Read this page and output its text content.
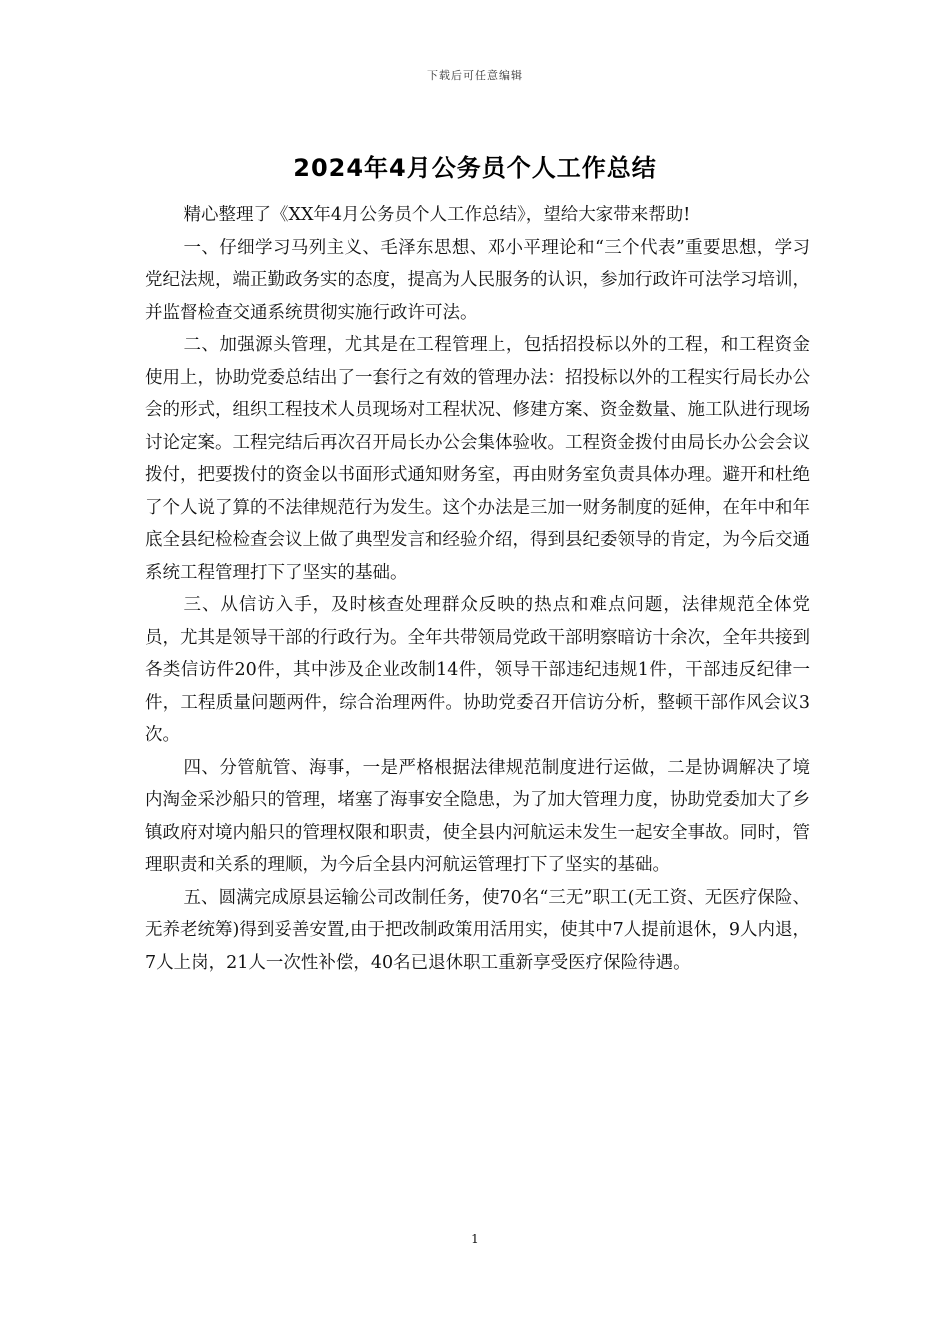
下载后可任意编辑
2024年4月公务员个人工作总结

精心整理了《XX年4月公务员个人工作总结》，望给大家带来帮助!

一、仔细学习马列主义、毛泽东思想、邓小平理论和“三个代表”重要思想，学习党纪法规，端正勤政务实的态度，提高为人民服务的认识，参加行政许可法学习培训，并监督检查交通系统贯彻实施行政许可法。

二、加强源头管理，尤其是在工程管理上，包括招投标以外的工程，和工程资金使用上，协助党委总结出了一套行之有效的管理办法：招投标以外的工程实行局长办公会的形式，组织工程技术人员现场对工程状况、修建方案、资金数量、施工队进行现场讨论定案。工程完结后再次召开局长办公会集体验收。工程资金拨付由局长办公会会议拨付，把要拨付的资金以书面形式通知财务室，再由财务室负责具体办理。避开和杜绝了个人说了算的不法律规范行为发生。这个办法是三加一财务制度的延伸，在年中和年底全县纪检检查会议上做了典型发言和经验介绍，得到县纪委领导的肯定，为今后交通系统工程管理打下了坚实的基础。

三、从信访入手，及时核查处理群众反映的热点和难点问题，法律规范全体党员，尤其是领导干部的行政行为。全年共带领局党政干部明察暗访十余次，全年共接到各类信访件20件，其中涉及企业改制14件，领导干部违纪违规1件，干部违反纪律一件，工程质量问题两件，综合治理两件。协助党委召开信访分析，整顿干部作风会议3次。

四、分管航管、海事，一是严格根据法律规范制度进行运做，二是协调解决了境内淘金采沙船只的管理，堵塞了海事安全隐患，为了加大管理力度，协助党委加大了乡镇政府对境内船只的管理权限和职责，使全县内河航运未发生一起安全事故。同时，管理职责和关系的理顺，为今后全县内河航运管理打下了坚实的基础。

五、圆满完成原县运输公司改制任务，使70名“三无”职工(无工资、无医疗保险、无养老统筹)得到妥善安置,由于把改制政策用活用实，使其中7人提前退休，9人内退，7人上岗，21人一次性补偿，40名已退休职工重新享受医疗保险待遇。

1
